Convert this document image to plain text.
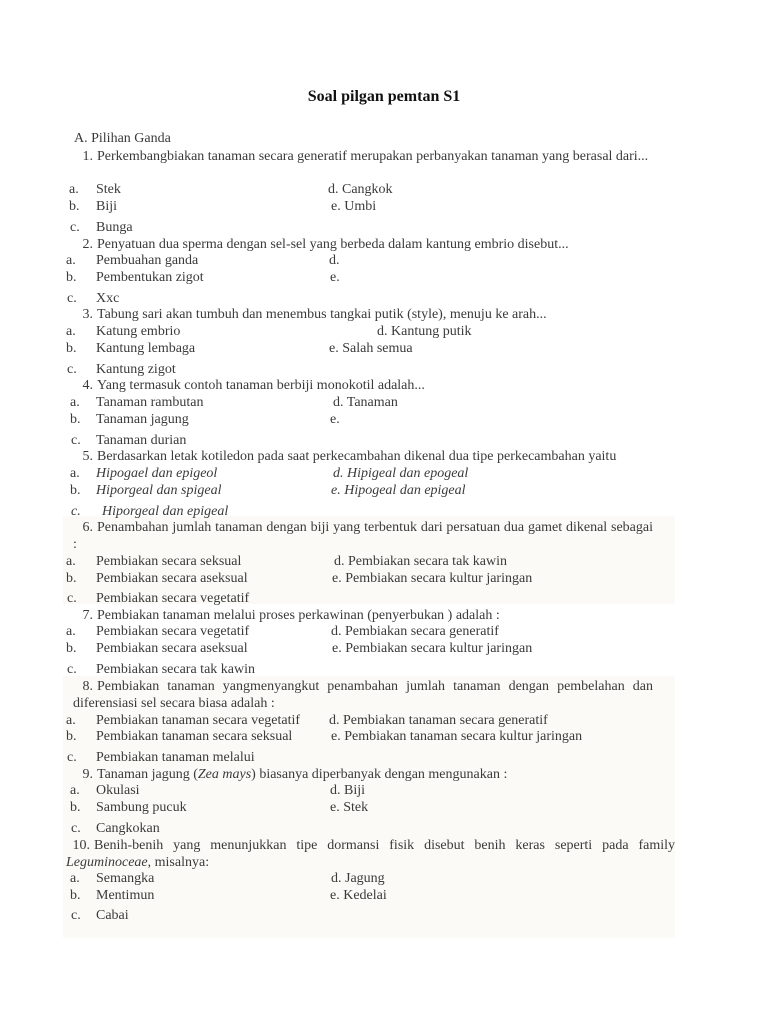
Soal pilgan pemtan S1
A. Pilihan Ganda
1. Perkembangbiakan tanaman secara generatif merupakan perbanyakan tanaman yang berasal dari...
a. Stek	d. Cangkok
b. Biji	e. Umbi
c. Bunga
2. Penyatuan dua sperma dengan sel-sel yang berbeda dalam kantung embrio disebut...
a. Pembuahan ganda	d.
b. Pembentukan zigot	e.
c. Xxc
3. Tabung sari akan tumbuh dan menembus tangkai putik (style), menuju ke arah...
a. Katung embrio	d. Kantung putik
b. Kantung lembaga	e. Salah semua
c. Kantung zigot
4. Yang termasuk contoh tanaman berbiji monokotil adalah...
a. Tanaman rambutan	d. Tanaman
b. Tanaman jagung	e.
c. Tanaman durian
5. Berdasarkan letak kotiledon pada saat perkecambahan dikenal dua tipe perkecambahan yaitu
a. Hipogael dan epigeol	d. Hipigeal dan epogeal
b. Hiporgeal dan spigeal	e. Hipogeal dan epigeal
c. Hiporgeal dan epigeal
6. Penambahan jumlah tanaman dengan biji yang terbentuk dari persatuan dua gamet dikenal sebagai :
a. Pembiakan secara seksual	d. Pembiakan secara tak kawin
b. Pembiakan secara aseksual	e. Pembiakan secara kultur jaringan
c. Pembiakan secara vegetatif
7. Pembiakan tanaman melalui proses perkawinan (penyerbukan ) adalah :
a. Pembiakan secara vegetatif	d. Pembiakan secara generatif
b. Pembiakan secara aseksual	e. Pembiakan secara kultur jaringan
c. Pembiakan secara tak kawin
8. Pembiakan tanaman yangmenyangkut penambahan jumlah tanaman dengan pembelahan dan diferensiasi sel secara biasa adalah :
a. Pembiakan tanaman secara vegetatif d. Pembiakan tanaman secara generatif
b. Pembiakan tanaman secara seksual	e. Pembiakan tanaman secara kultur jaringan
c. Pembiakan tanaman melalui
9. Tanaman jagung (Zea mays) biasanya diperbanyak dengan mengunakan :
a. Okulasi	d. Biji
b. Sambung pucuk	e. Stek
c. Cangkokan
10. Benih-benih yang menunjukkan tipe dormansi fisik disebut benih keras seperti pada family Leguminoceae, misalnya:
a. Semangka	d. Jagung
b. Mentimun	e. Kedelai
c. Cabai
